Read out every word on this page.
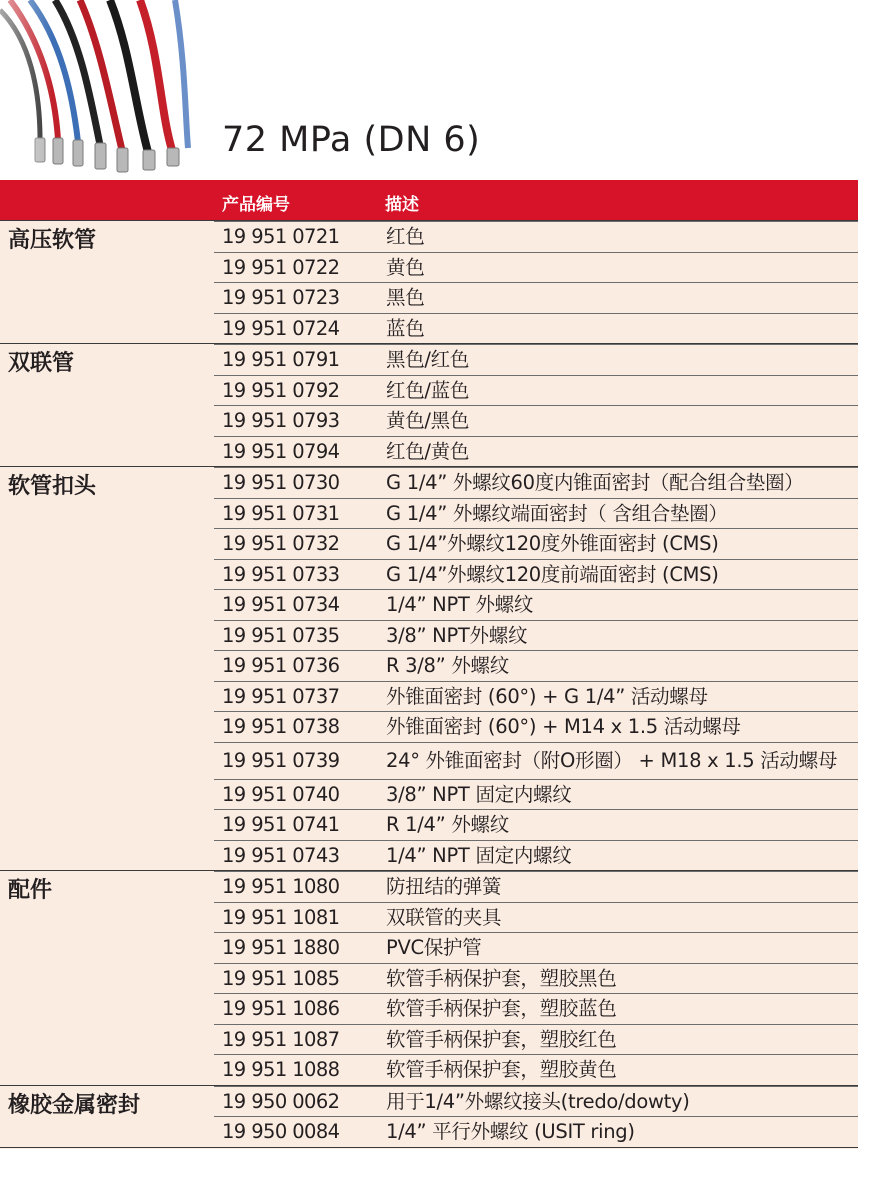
72 MPa (DN 6)
产品编号	描述
高压软管	19 951 0721	红色
19 951 0722	黄色
19 951 0723	黑色
19 951 0724	蓝色
双联管	19 951 0791	黑色/红色
19 951 0792	红色/蓝色
19 951 0793	黄色/黑色
19 951 0794	红色/黄色
软管扣头	19 951 0730	G 1/4” 外螺纹60度内锥面密封（配合组合垫圈）
19 951 0731	G 1/4” 外螺纹端面密封（ 含组合垫圈）
19 951 0732	G 1/4”外螺纹120度外锥面密封 (CMS)
19 951 0733	G 1/4”外螺纹120度前端面密封 (CMS)
19 951 0734	1/4” NPT 外螺纹
19 951 0735	3/8” NPT外螺纹
19 951 0736	R 3/8” 外螺纹
19 951 0737	外锥面密封 (60°) + G 1/4” 活动螺母
19 951 0738	外锥面密封 (60°) + M14 x 1.5 活动螺母
19 951 0739	24° 外锥面密封（附O形圈） + M18 x 1.5 活动螺母
19 951 0740	3/8” NPT 固定内螺纹
19 951 0741	R 1/4” 外螺纹
19 951 0743	1/4” NPT 固定内螺纹
配件	19 951 1080	防扭结的弹簧
19 951 1081	双联管的夹具
19 951 1880	PVC保护管
19 951 1085	软管手柄保护套，塑胶黑色
19 951 1086	软管手柄保护套，塑胶蓝色
19 951 1087	软管手柄保护套，塑胶红色
19 951 1088	软管手柄保护套，塑胶黄色
橡胶金属密封	19 950 0062	用于1/4”外螺纹接头(tredo/dowty)
19 950 0084	1/4” 平行外螺纹 (USIT ring)
